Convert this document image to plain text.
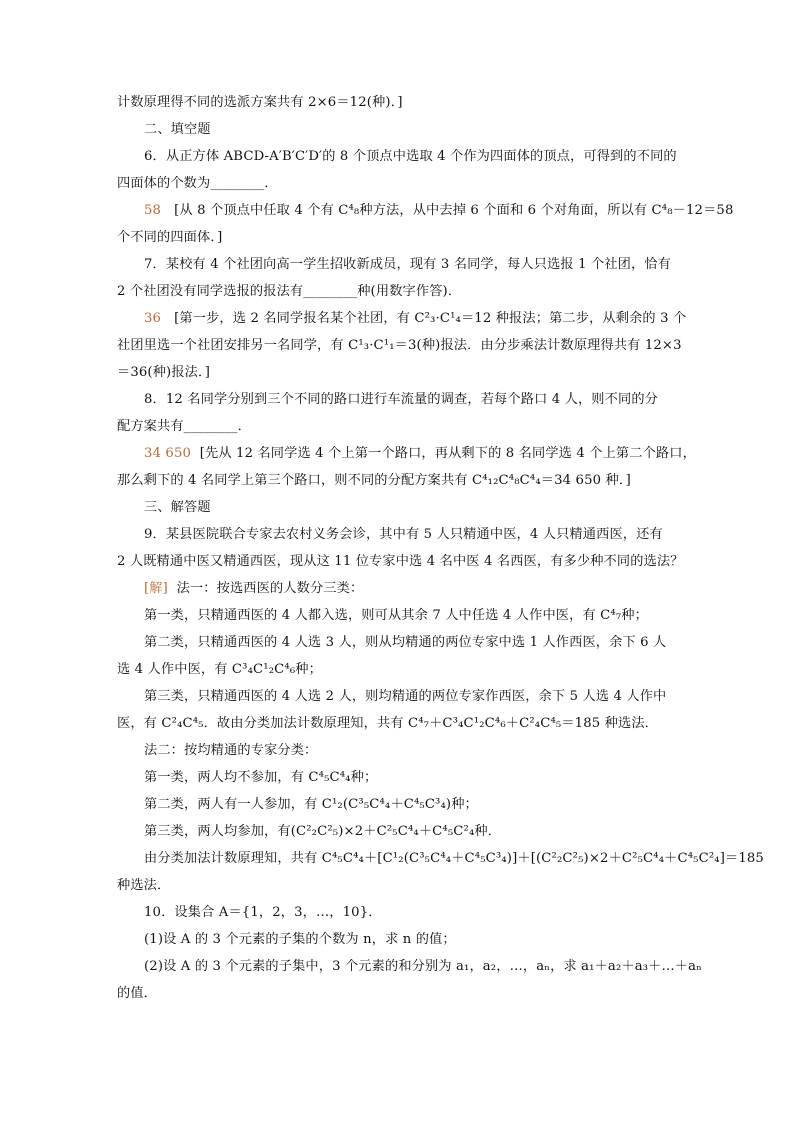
计数原理得不同的选派方案共有 2×6＝12(种)．]

二、填空题

6．从正方体 ABCD-A′B′C′D′的 8 个顶点中选取 4 个作为四面体的顶点，可得到的不同的

四面体的个数为________．

58 [从 8 个顶点中任取 4 个有 C⁴₈种方法，从中去掉 6 个面和 6 个对角面，所以有 C⁴₈－12＝58

个不同的四面体．]

7．某校有 4 个社团向高一学生招收新成员，现有 3 名同学，每人只选报 1 个社团，恰有

2 个社团没有同学选报的报法有________种(用数字作答)．

36 [第一步，选 2 名同学报名某个社团，有 C²₃·C¹₄＝12 种报法；第二步，从剩余的 3 个

社团里选一个社团安排另一名同学，有 C¹₃·C¹₁＝3(种)报法．由分步乘法计数原理得共有 12×3

＝36(种)报法．]

8．12 名同学分别到三个不同的路口进行车流量的调查，若每个路口 4 人，则不同的分

配方案共有________．

34 650 [先从 12 名同学选 4 个上第一个路口，再从剩下的 8 名同学选 4 个上第二个路口，

那么剩下的 4 名同学上第三个路口，则不同的分配方案共有 C⁴₁₂C⁴₈C⁴₄＝34 650 种．]

三、解答题

9．某县医院联合专家去农村义务会诊，其中有 5 人只精通中医，4 人只精通西医，还有

2 人既精通中医又精通西医，现从这 11 位专家中选 4 名中医 4 名西医，有多少种不同的选法？

[解] 法一：按选西医的人数分三类：

第一类，只精通西医的 4 人都入选，则可从其余 7 人中任选 4 人作中医，有 C⁴₇种；

第二类，只精通西医的 4 人选 3 人，则从均精通的两位专家中选 1 人作西医，余下 6 人

选 4 人作中医，有 C³₄C¹₂C⁴₆种；

第三类，只精通西医的 4 人选 2 人，则均精通的两位专家作西医，余下 5 人选 4 人作中

医，有 C²₄C⁴₅．故由分类加法计数原理知，共有 C⁴₇＋C³₄C¹₂C⁴₆＋C²₄C⁴₅＝185 种选法．

法二：按均精通的专家分类：

第一类，两人均不参加，有 C⁴₅C⁴₄种；

第二类，两人有一人参加，有 C¹₂(C³₅C⁴₄＋C⁴₅C³₄)种；

第三类，两人均参加，有(C²₂C²₅)×2＋C²₅C⁴₄＋C⁴₅C²₄种．

由分类加法计数原理知，共有 C⁴₅C⁴₄＋[C¹₂(C³₅C⁴₄＋C⁴₅C³₄)]＋[(C²₂C²₅)×2＋C²₅C⁴₄＋C⁴₅C²₄]＝185

种选法．

10．设集合 A＝{1，2，3，…，10}．

(1)设 A 的 3 个元素的子集的个数为 n，求 n 的值；

(2)设 A 的 3 个元素的子集中，3 个元素的和分别为 a₁，a₂，…，aₙ，求 a₁＋a₂＋a₃＋…＋aₙ

的值．
